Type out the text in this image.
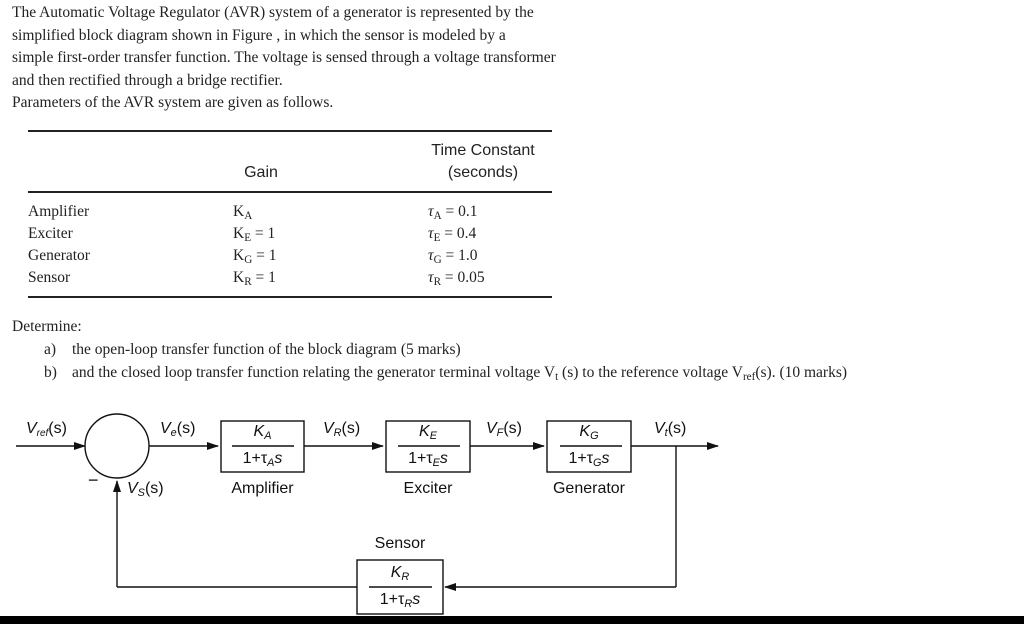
The Automatic Voltage Regulator (AVR) system of a generator is represented by the

simplified block diagram shown in Figure , in which the sensor is modeled by a

simple first-order transfer function. The voltage is sensed through a voltage transformer

and then rectified through a bridge rectifier.

Parameters of the AVR system are given as follows.

Gain
Time Constant
(seconds)
Amplifier	$K_A$	$\tau_A = 0.1$
Exciter	$K_E = 1$	$\tau_E = 0.4$
Generator	$K_G = 1$	$\tau_G = 1.0$
Sensor	$K_R = 1$	$\tau_R = 0.05$
Determine:
a) the open-loop transfer function of the block diagram (5 marks)
b) and the closed loop transfer function relating the generator terminal voltage $V_t$ (s) to the reference voltage $V_{ref}(s)$. (10 marks)
Vref(s)	Ve(s)	VR(s)	VF(s)	Vt(s)
VS(s)
−
KA
1+τAs
Amplifier
KE
1+τEs
Exciter
KG
1+τGs
Generator
Sensor
KR
1+τRs
